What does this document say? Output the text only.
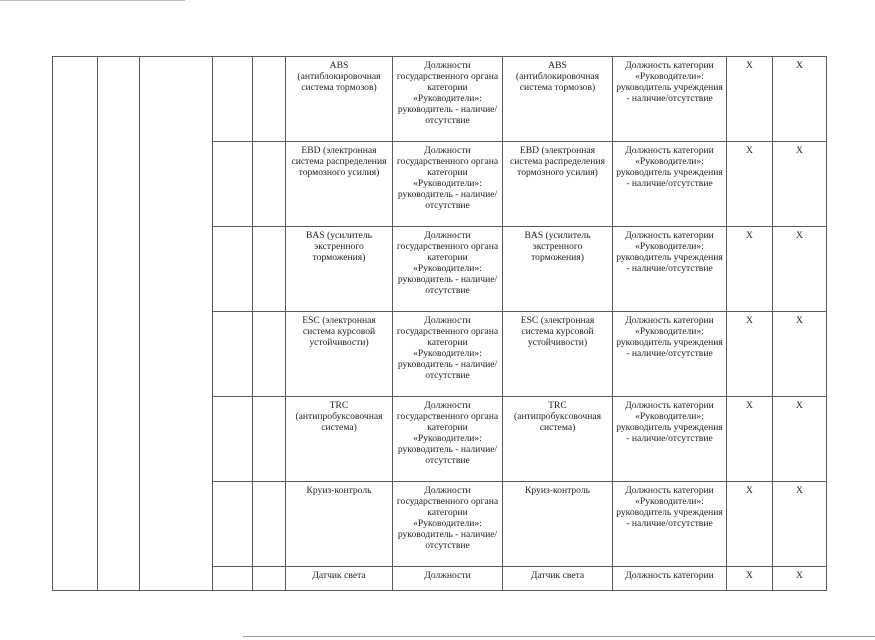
					ABS (антиблокировочная система тормозов)	Должности государственного органа категории «Руководители»: руководитель - наличие/отсутствие	ABS (антиблокировочная система тормозов)	Должность категории «Руководители»: руководитель учреждения - наличие/отсутствие	X	X
					EBD (электронная система распределения тормозного усилия)	Должности государственного органа категории «Руководители»: руководитель - наличие/отсутствие	EBD (электронная система распределения тормозного усилия)	Должность категории «Руководители»: руководитель учреждения - наличие/отсутствие	X	X
					BAS (усилитель экстренного торможения)	Должности государственного органа категории «Руководители»: руководитель - наличие/отсутствие	BAS (усилитель экстренного торможения)	Должность категории «Руководители»: руководитель учреждения - наличие/отсутствие	X	X
					ESC (электронная система курсовой устойчивости)	Должности государственного органа категории «Руководители»: руководитель - наличие/отсутствие	ESC (электронная система курсовой устойчивости)	Должность категории «Руководители»: руководитель учреждения - наличие/отсутствие	X	X
					TRC (антипробуксовочная система)	Должности государственного органа категории «Руководители»: руководитель - наличие/отсутствие	TRC (антипробуксовочная система)	Должность категории «Руководители»: руководитель учреждения - наличие/отсутствие	X	X
					Круиз-контроль	Должности государственного органа категории «Руководители»: руководитель - наличие/отсутствие	Круиз-контроль	Должность категории «Руководители»: руководитель учреждения - наличие/отсутствие	X	X
					Датчик света	Должности	Датчик света	Должность категории	X	X
